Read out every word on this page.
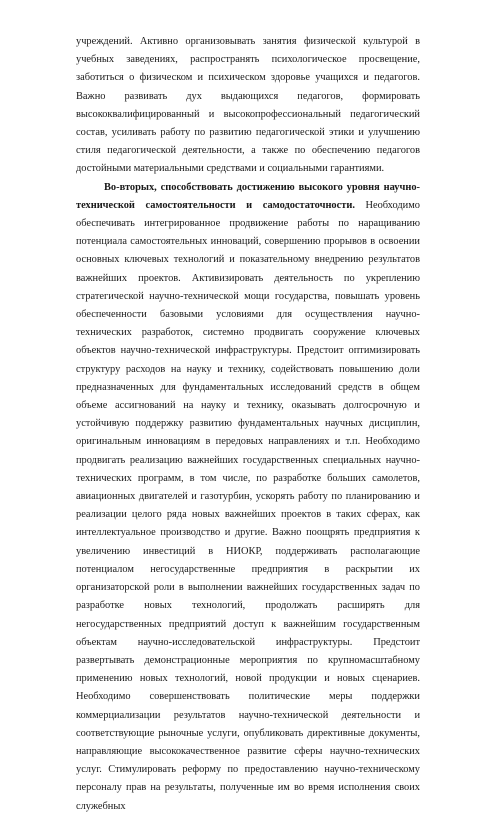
учреждений. Активно организовывать занятия физической культурой в учебных заведениях, распространять психологическое просвещение, заботиться о физическом и психическом здоровье учащихся и педагогов. Важно развивать дух выдающихся педагогов, формировать высококвалифицированный и высокопрофессиональный педагогический состав, усиливать работу по развитию педагогической этики и улучшению стиля педагогической деятельности, а также по обеспечению педагогов достойными материальными средствами и социальными гарантиями.

Во-вторых, способствовать достижению высокого уровня научно-технической самостоятельности и самодостаточности. Необходимо обеспечивать интегрированное продвижение работы по наращиванию потенциала самостоятельных инноваций, совершению прорывов в освоении основных ключевых технологий и показательному внедрению результатов важнейших проектов. Активизировать деятельность по укреплению стратегической научно-технической мощи государства, повышать уровень обеспеченности базовыми условиями для осуществления научно-технических разработок, системно продвигать сооружение ключевых объектов научно-технической инфраструктуры. Предстоит оптимизировать структуру расходов на науку и технику, содействовать повышению доли предназначенных для фундаментальных исследований средств в общем объеме ассигнований на науку и технику, оказывать долгосрочную и устойчивую поддержку развитию фундаментальных научных дисциплин, оригинальным инновациям в передовых направлениях и т.п. Необходимо продвигать реализацию важнейших государственных специальных научно-технических программ, в том числе, по разработке больших самолетов, авиационных двигателей и газотурбин, ускорять работу по планированию и реализации целого ряда новых важнейших проектов в таких сферах, как интеллектуальное производство и другие. Важно поощрять предприятия к увеличению инвестиций в НИОКР, поддерживать располагающие потенциалом негосударственные предприятия в раскрытии их организаторской роли в выполнении важнейших государственных задач по разработке новых технологий, продолжать расширять для негосударственных предприятий доступ к важнейшим государственным объектам научно-исследовательской инфраструктуры. Предстоит развертывать демонстрационные мероприятия по крупномасштабному применению новых технологий, новой продукции и новых сценариев. Необходимо совершенствовать политические меры поддержки коммерциализации результатов научно-технической деятельности и соответствующие рыночные услуги, опубликовать директивные документы, направляющие высококачественное развитие сферы научно-технических услуг. Стимулировать реформу по предоставлению научно-техническому персоналу прав на результаты, полученные им во время исполнения своих служебных
